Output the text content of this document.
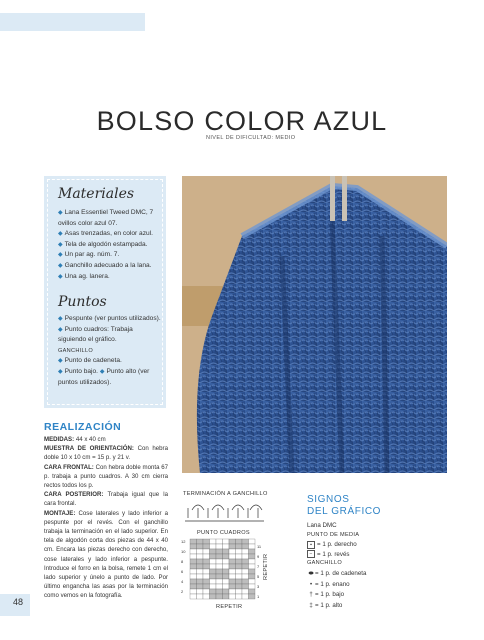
BOLSO COLOR AZUL
NIVEL DE DIFICULTAD: MEDIO
Materiales
◆ Lana Essentiel Tweed DMC, 7 ovillos color azul 07.
◆ Asas trenzadas, en color azul.
◆ Tela de algodón estampada. ◆ Un par ag. núm. 7.
◆ Ganchillo adecuado a la lana. ◆ Una ag. lanera.
Puntos
◆ Pespunte (ver puntos utilizados). ◆ Punto cuadros: Trabaja siguiendo el gráfico.
GANCHILLO
◆ Punto de cadeneta.
◆ Punto bajo. ◆ Punto alto (ver puntos utilizados).
REALIZACIÓN
MEDIDAS: 44 x 40 cm
MUESTRA DE ORIENTACIÓN: Con hebra doble 10 x 10 cm = 15 p. y 21 v.
CARA FRONTAL: Con hebra doble monta 67 p. trabaja a punto cuadros. A 30 cm cierra rectos todos los p.
CARA POSTERIOR: Trabaja igual que la cara frontal.
MONTAJE: Cose laterales y lado inferior a pespunte por el revés. Con el ganchillo trabaja la terminación en el lado superior. En tela de algodón corta dos piezas de 44 x 40 cm. Encara las piezas derecho con derecho, cose laterales y lado inferior a pespunte. Introduce el forro en la bolsa, remete 1 cm el lado superior y únelo a punto de lado. Por último engancha las asas por la terminación como vemos en la fotografía.
TERMINACIÓN A GANCHILLO
PUNTO CUADROS
12
10
8
6
4
2
11
9
7
5
3
1
REPETIR
REPETIR
SIGNOS
DEL GRÁFICO
Lana DMC
PUNTO DE MEDIA
▪ = 1 p. derecho
− = 1 p. revés
GANCHILLO
⬬= 1 p. de cadeneta
• = 1 p. enano
† = 1 p. bajo
‡ = 1 p. alto
48
